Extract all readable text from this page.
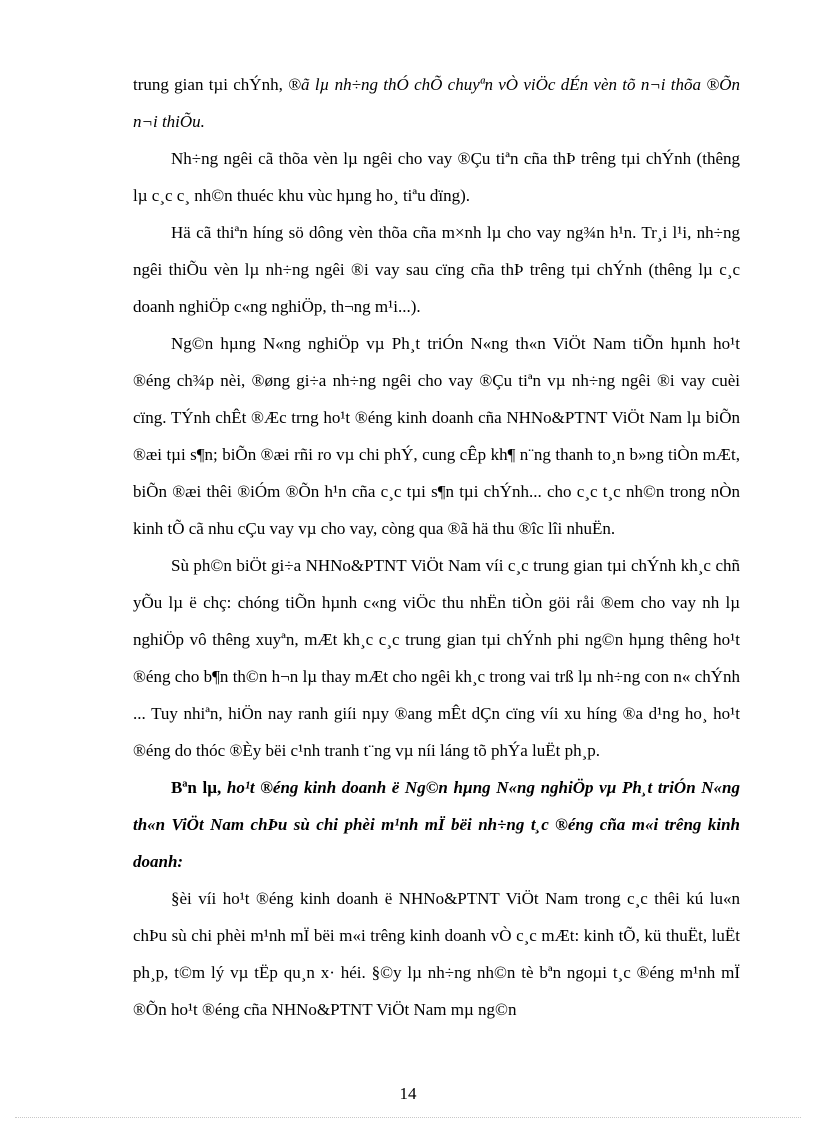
trung gian tµi chÝnh, ®ã lµ nh÷ng thÓ chÕ chuyªn vÒ viÖc dÉn vèn tõ n¬i thõa ®Õn n¬i thiÕu.

Nh÷ng ngêi cã thõa vèn lµ ngêi cho vay ®Çu tiªn cña thÞ trêng tµi chÝnh (thêng lµ c¸c c¸ nh©n thuéc khu vùc hµng ho¸ tiªu dïng).

Hä cã thiªn híng sö dông vèn thõa cña m×nh lµ cho vay ng¾n h¹n. Tr¸i l¹i, nh÷ng ngêi thiÕu vèn lµ nh÷ng ngêi ®i vay sau cïng cña thÞ trêng tµi chÝnh (thêng lµ c¸c doanh nghiÖp c«ng nghiÖp, th¬ng m¹i...).

Ng©n hµng N«ng nghiÖp vµ Ph¸t triÓn N«ng th«n ViÖt Nam tiÕn hµnh ho¹t ®éng ch¾p nèi, ®øng gi÷a nh÷ng ngêi cho vay ®Çu tiªn vµ nh÷ng ngêi ®i vay cuèi cïng. TÝnh chÊt ®Æc trng ho¹t ®éng kinh doanh cña NHNo&PTNT ViÖt Nam lµ biÕn ®æi tµi s¶n; biÕn ®æi rñi ro vµ chi phÝ, cung cÊp kh¶ n¨ng thanh to¸n b»ng tiÒn mÆt, biÕn ®æi thêi ®iÓm ®Õn h¹n cña c¸c tµi s¶n tµi chÝnh... cho c¸c t¸c nh©n trong nÒn kinh tÕ cã nhu cÇu vay vµ cho vay, còng qua ®ã hä thu ®îc lîi nhuËn.

Sù ph©n biÖt gi÷a NHNo&PTNT ViÖt Nam víi c¸c trung gian tµi chÝnh kh¸c chñ yÕu lµ ë chç: chóng tiÕn hµnh c«ng viÖc thu nhËn tiÒn göi råi ®em cho vay nh lµ nghiÖp vô thêng xuyªn, mÆt kh¸c c¸c trung gian tµi chÝnh phi ng©n hµng thêng ho¹t ®éng cho b¶n th©n h¬n lµ thay mÆt cho ngêi kh¸c trong vai trß lµ nh÷ng con n« chÝnh ... Tuy nhiªn, hiÖn nay ranh giíi nµy ®ang mÊt dÇn cïng víi xu híng ®a d¹ng ho¸ ho¹t ®éng do thóc ®Èy bëi c¹nh tranh t¨ng vµ níi láng tõ phÝa luËt ph¸p.

Bªn lµ, ho¹t ®éng kinh doanh ë Ng©n hµng N«ng nghiÖp vµ Ph¸t triÓn N«ng th«n ViÖt Nam chÞu sù chi phèi m¹nh mÏ bëi nh÷ng t¸c ®éng cña m«i trêng kinh doanh:

§èi víi ho¹t ®éng kinh doanh ë NHNo&PTNT ViÖt Nam trong c¸c thêi kú lu«n chÞu sù chi phèi m¹nh mÏ bëi m«i trêng kinh doanh vÒ c¸c mÆt: kinh tÕ, kü thuËt, luËt ph¸p, t©m lý vµ tËp qu¸n x· héi. §©y lµ nh÷ng nh©n tè bªn ngoµi t¸c ®éng m¹nh mÏ ®Õn ho¹t ®éng cña NHNo&PTNT ViÖt Nam mµ ng©n

14
